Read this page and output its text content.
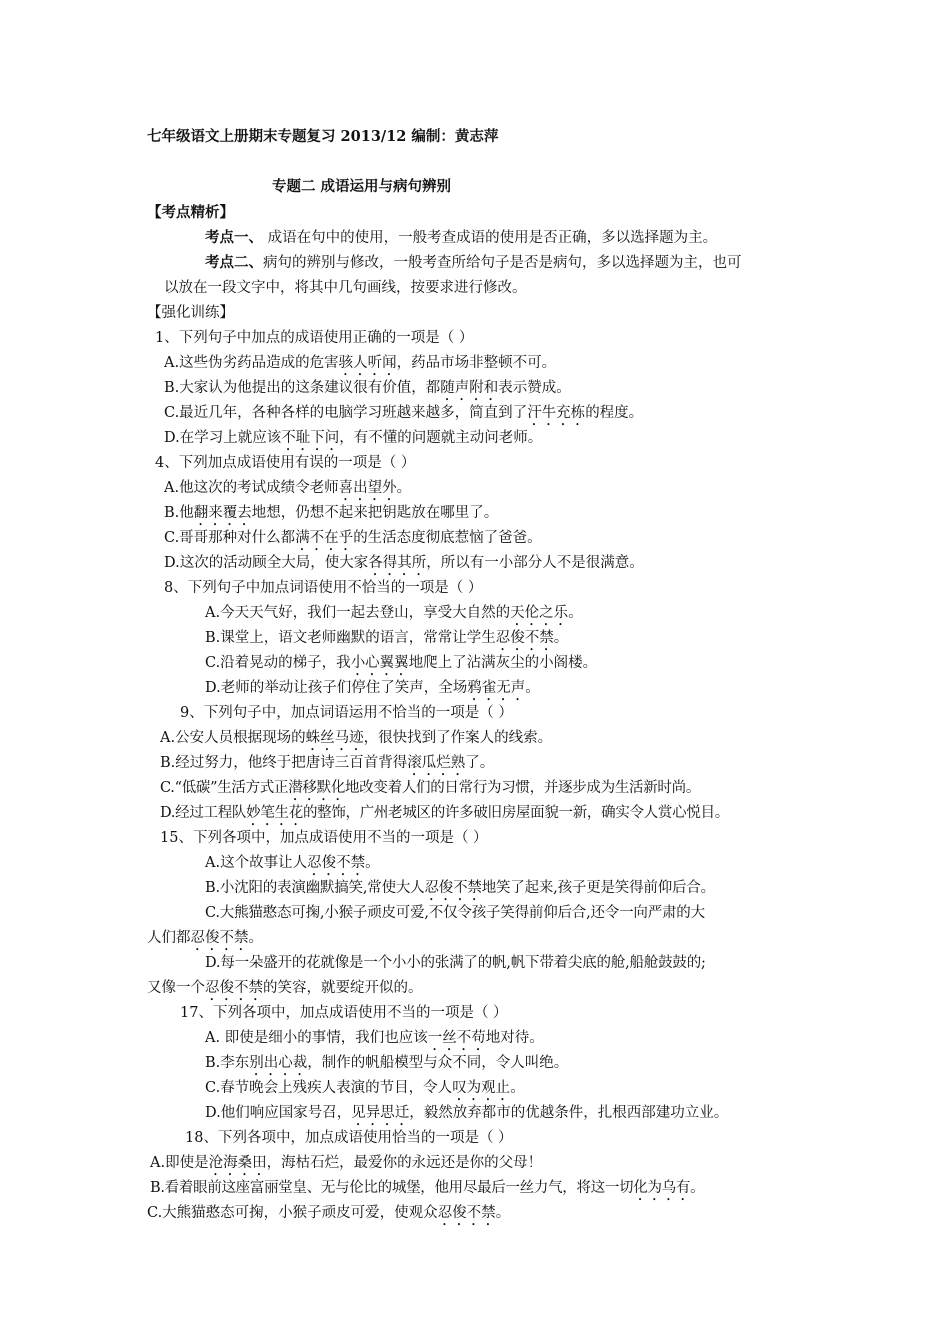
七年级语文上册期末专题复习 2013/12 编制：黄志萍
专题二 成语运用与病句辨别
【考点精析】
考点一、 成语在句中的使用，一般考查成语的使用是否正确，多以选择题为主。
考点二、病句的辨别与修改，一般考查所给句子是否是病句，多以选择题为主，也可
以放在一段文字中，将其中几句画线，按要求进行修改。
【强化训练】
1、下列句子中加点的成语使用正确的一项是（ ）
A.这些伪劣药品造成的危害骇人听闻，药品市场非整顿不可。
B.大家认为他提出的这条建议很有价值，都随声附和表示赞成。
C.最近几年，各种各样的电脑学习班越来越多，简直到了汗牛充栋的程度。
D.在学习上就应该不耻下问，有不懂的问题就主动问老师。
4、下列加点成语使用有误的一项是（ ）
A.他这次的考试成绩令老师喜出望外。
B.他翻来覆去地想，仍想不起来把钥匙放在哪里了。
C.哥哥那种对什么都满不在乎的生活态度彻底惹恼了爸爸。
D.这次的活动顾全大局，使大家各得其所，所以有一小部分人不是很满意。
8、下列句子中加点词语使用不恰当的一项是（ ）
A.今天天气好，我们一起去登山，享受大自然的天伦之乐。
B.课堂上，语文老师幽默的语言，常常让学生忍俊不禁。
C.沿着晃动的梯子，我小心翼翼地爬上了沾满灰尘的小阁楼。
D.老师的举动让孩子们停住了笑声，全场鸦雀无声。
9、下列句子中，加点词语运用不恰当的一项是（ ）
A.公安人员根据现场的蛛丝马迹，很快找到了作案人的线索。
B.经过努力，他终于把唐诗三百首背得滚瓜烂熟了。
C.“低碳”生活方式正潜移默化地改变着人们的日常行为习惯，并逐步成为生活新时尚。
D.经过工程队妙笔生花的整饰，广州老城区的许多破旧房屋面貌一新，确实令人赏心悦目。
15、下列各项中，加点成语使用不当的一项是（ ）
A.这个故事让人忍俊不禁。
B.小沈阳的表演幽默搞笑,常使大人忍俊不禁地笑了起来,孩子更是笑得前仰后合。
C.大熊猫憨态可掬,小猴子顽皮可爱,不仅令孩子笑得前仰后合,还令一向严肃的大
人们都忍俊不禁。
D.每一朵盛开的花就像是一个小小的张满了的帆,帆下带着尖底的舱,船舱鼓鼓的;
又像一个忍俊不禁的笑容，就要绽开似的。
17、下列各项中，加点成语使用不当的一项是（ ）
A. 即使是细小的事情，我们也应该一丝不苟地对待。
B.李东别出心裁，制作的帆船模型与众不同，令人叫绝。
C.春节晚会上残疾人表演的节目，令人叹为观止。
D.他们响应国家号召，见异思迁，毅然放弃都市的优越条件，扎根西部建功立业。
18、下列各项中，加点成语使用恰当的一项是（ ）
A.即使是沧海桑田，海枯石烂，最爱你的永远还是你的父母！
B.看着眼前这座富丽堂皇、无与伦比的城堡，他用尽最后一丝力气，将这一切化为乌有。
C.大熊猫憨态可掬，小猴子顽皮可爱，使观众忍俊不禁。
